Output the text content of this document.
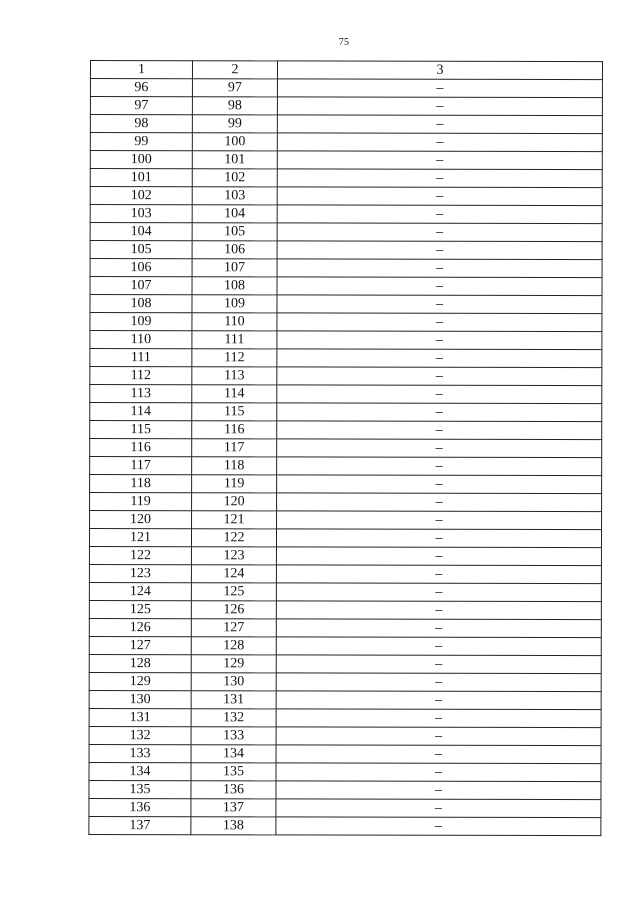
75
1	2	3
96	97	–
97	98	–
98	99	–
99	100	–
100	101	–
101	102	–
102	103	–
103	104	–
104	105	–
105	106	–
106	107	–
107	108	–
108	109	–
109	110	–
110	111	–
111	112	–
112	113	–
113	114	–
114	115	–
115	116	–
116	117	–
117	118	–
118	119	–
119	120	–
120	121	–
121	122	–
122	123	–
123	124	–
124	125	–
125	126	–
126	127	–
127	128	–
128	129	–
129	130	–
130	131	–
131	132	–
132	133	–
133	134	–
134	135	–
135	136	–
136	137	–
137	138	–
